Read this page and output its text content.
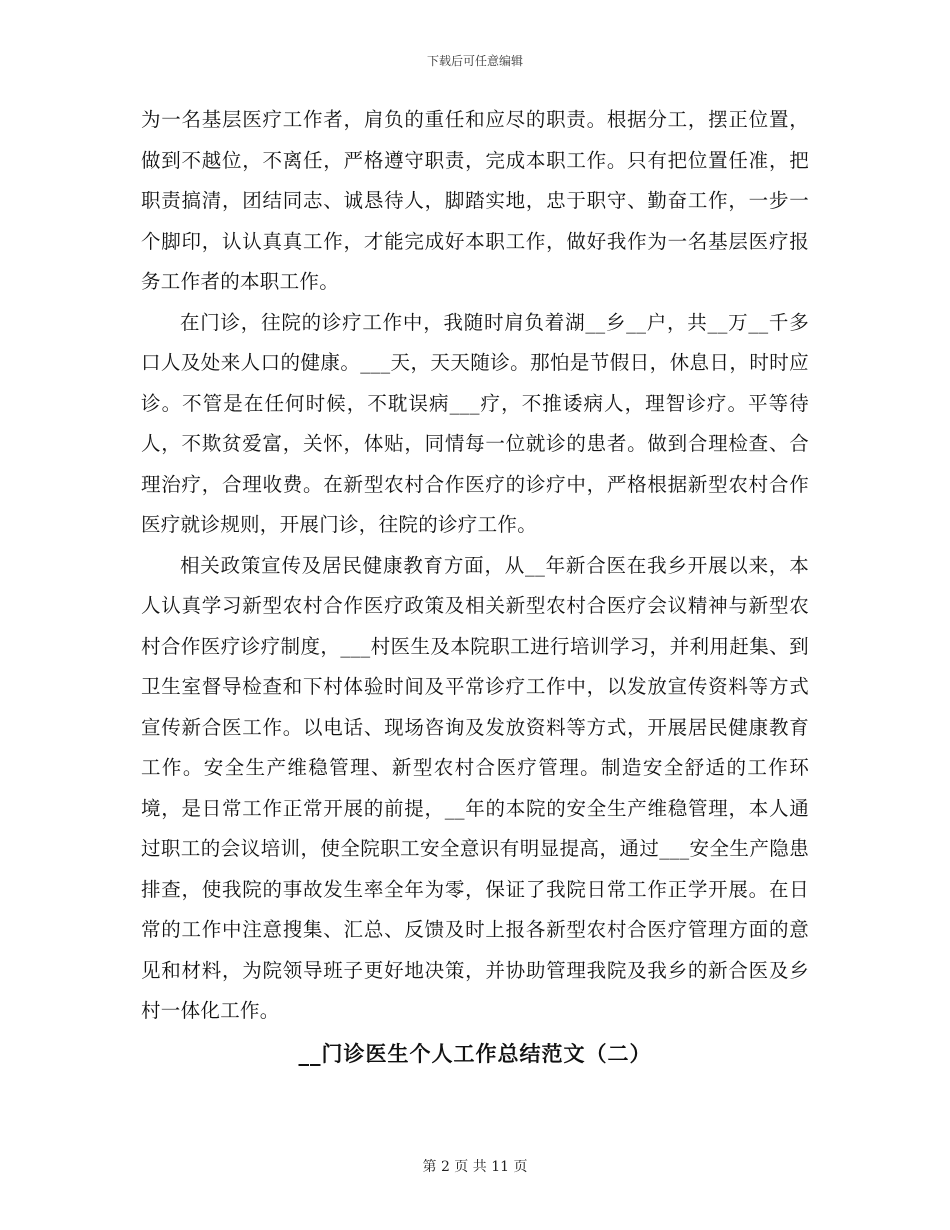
下载后可任意编辑

为一名基层医疗工作者，肩负的重任和应尽的职责。根据分工，摆正位置，做到不越位，不离任，严格遵守职责，完成本职工作。只有把位置任准，把职责搞清，团结同志、诚恳待人，脚踏实地，忠于职守、勤奋工作，一步一个脚印，认认真真工作，才能完成好本职工作，做好我作为一名基层医疗报务工作者的本职工作。

在门诊，往院的诊疗工作中，我随时肩负着湖__乡__户，共__万__千多口人及处来人口的健康。___天，天天随诊。那怕是节假日，休息日，时时应诊。不管是在任何时候，不耽误病___疗，不推诿病人，理智诊疗。平等待人，不欺贫爱富，关怀，体贴，同情每一位就诊的患者。做到合理检查、合理治疗，合理收费。在新型农村合作医疗的诊疗中，严格根据新型农村合作医疗就诊规则，开展门诊，往院的诊疗工作。

相关政策宣传及居民健康教育方面，从__年新合医在我乡开展以来，本人认真学习新型农村合作医疗政策及相关新型农村合医疗会议精神与新型农村合作医疗诊疗制度，___村医生及本院职工进行培训学习，并利用赶集、到卫生室督导检查和下村体验时间及平常诊疗工作中，以发放宣传资料等方式宣传新合医工作。以电话、现场咨询及发放资料等方式，开展居民健康教育工作。安全生产维稳管理、新型农村合医疗管理。制造安全舒适的工作环境，是日常工作正常开展的前提，__年的本院的安全生产维稳管理，本人通过职工的会议培训，使全院职工安全意识有明显提高，通过___安全生产隐患排查，使我院的事故发生率全年为零，保证了我院日常工作正学开展。在日常的工作中注意搜集、汇总、反馈及时上报各新型农村合医疗管理方面的意见和材料，为院领导班子更好地决策，并协助管理我院及我乡的新合医及乡村一体化工作。

__门诊医生个人工作总结范文（二）
第 2 页 共 11 页
